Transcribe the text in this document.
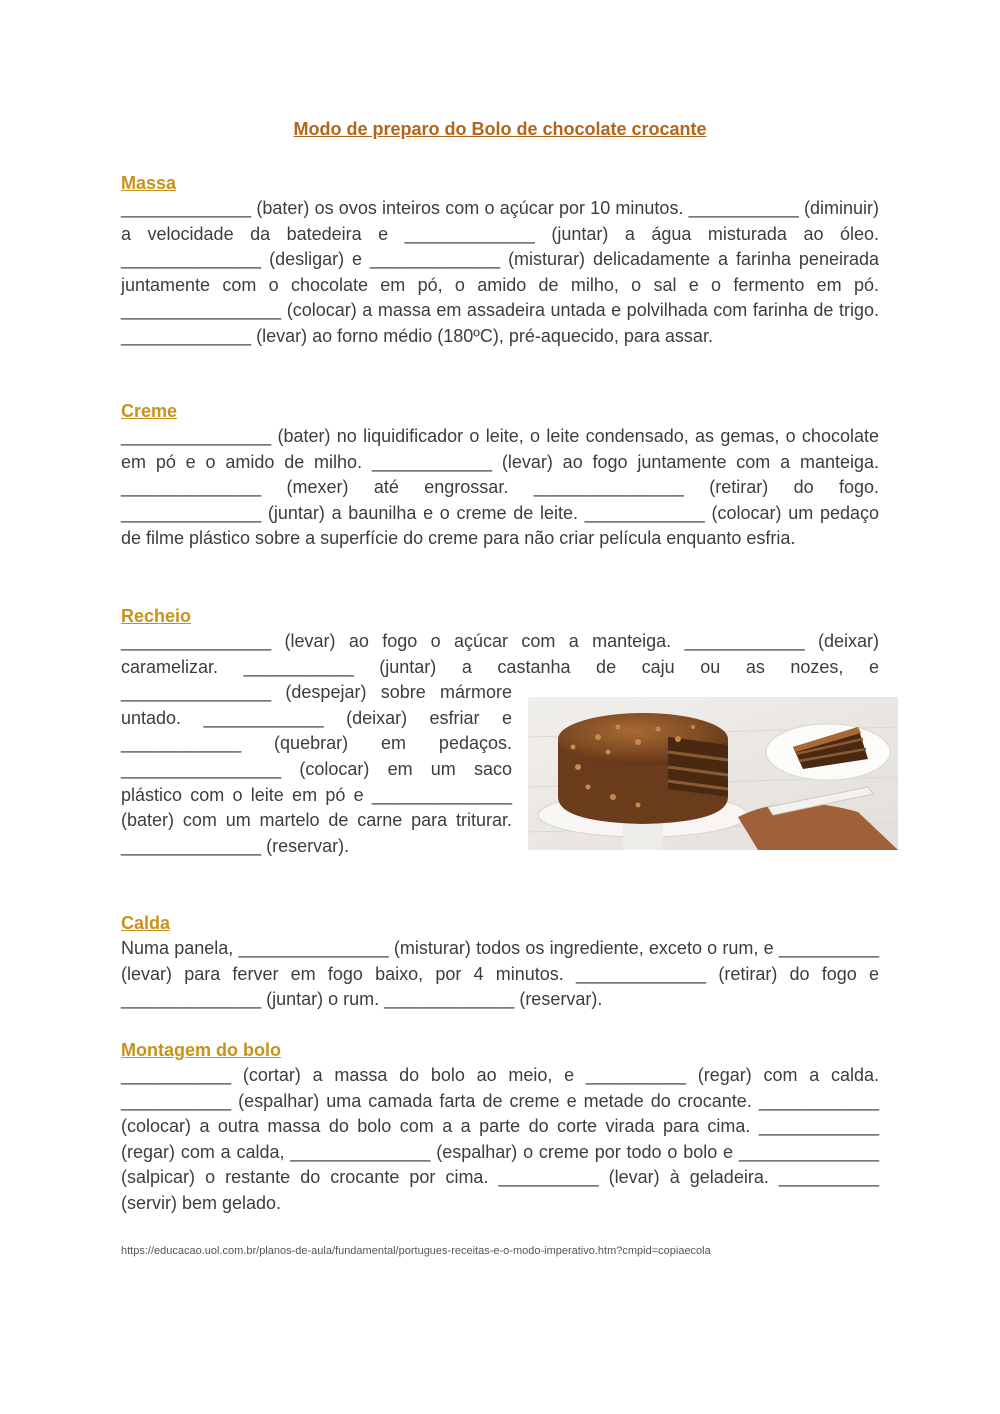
Modo de preparo do Bolo de chocolate crocante
Massa

_____________ (bater) os ovos inteiros com o açúcar por 10 minutos. ___________ (diminuir) a velocidade da batedeira e _____________ (juntar) a água misturada ao óleo. ______________ (desligar) e _____________ (misturar) delicadamente a farinha peneirada juntamente com o chocolate em pó, o amido de milho, o sal e o fermento em pó. ________________ (colocar) a massa em assadeira untada e polvilhada com farinha de trigo. _____________ (levar) ao forno médio (180ºC), pré-aquecido, para assar.

Creme

_______________ (bater) no liquidificador o leite, o leite condensado, as gemas, o chocolate em pó e o amido de milho. ____________ (levar) ao fogo juntamente com a manteiga. ______________ (mexer) até engrossar. _______________ (retirar) do fogo. ______________ (juntar) a baunilha e o creme de leite. ____________ (colocar) um pedaço de filme plástico sobre a superfície do creme para não criar película enquanto esfria.

Recheio

_______________ (levar) ao fogo o açúcar com a manteiga. ____________ (deixar) caramelizar. ___________ (juntar) a castanha de caju ou as nozes, e

_______________ (despejar) sobre mármore untado. ____________ (deixar) esfriar e ____________ (quebrar) em pedaços. ________________ (colocar) em um saco plástico com o leite em pó e ______________ (bater) com um martelo de carne para triturar. ______________ (reservar).

Calda

Numa panela, _______________ (misturar) todos os ingrediente, exceto o rum, e __________ (levar) para ferver em fogo baixo, por 4 minutos. _____________ (retirar) do fogo e ______________ (juntar) o rum. _____________ (reservar).

Montagem do bolo

___________ (cortar) a massa do bolo ao meio, e __________ (regar) com a calda. ___________ (espalhar) uma camada farta de creme e metade do crocante. ____________ (colocar) a outra massa do bolo com a a parte do corte virada para cima. ____________ (regar) com a calda, ______________ (espalhar) o creme por todo o bolo e ______________ (salpicar) o restante do crocante por cima. __________ (levar) à geladeira. __________ (servir) bem gelado.

https://educacao.uol.com.br/planos-de-aula/fundamental/portugues-receitas-e-o-modo-imperativo.htm?cmpid=copiaecola
